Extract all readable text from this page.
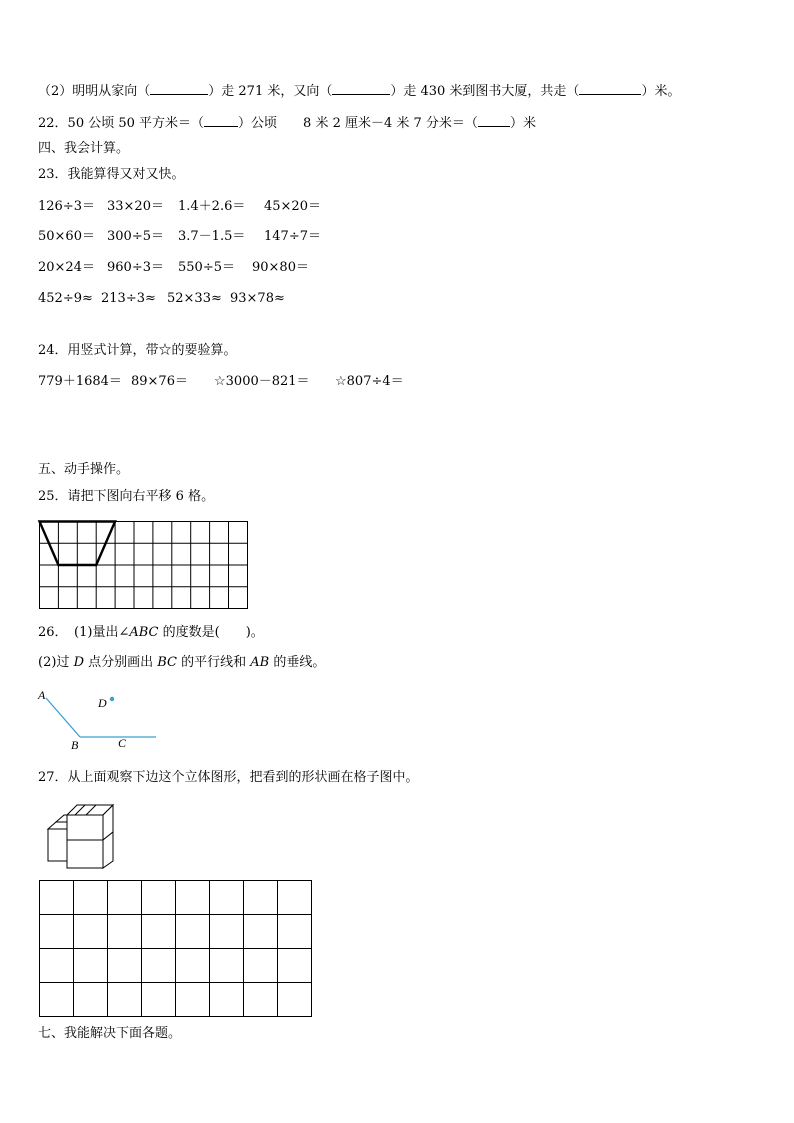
（2）明明从家向（	）走 271 米，又向（	）走 430 米到图书大厦，共走（	）米。
22．50 公顷 50 平方米＝（	）公顷 8 米 2 厘米－4 米 7 分米＝（ ）米
四、我会计算。
23．我能算得又对又快。
126÷3＝ 33×20＝ 1.4＋2.6＝ 45×20＝
50×60＝ 300÷5＝ 3.7－1.5＝ 147÷7＝
20×24＝ 960÷3＝ 550÷5＝ 90×80＝
452÷9≈ 213÷3≈ 52×33≈ 93×78≈
24．用竖式计算，带☆的要验算。
779＋1684＝ 89×76＝ ☆3000－821＝ ☆807÷4＝
五、动手操作。
25．请把下图向右平移 6 格。
26．　(1)量出∠ABC 的度数是(　　)。
(2)过 D 点分别画出 BC 的平行线和 AB 的垂线。
A
B	C
D
27．从上面观察下边这个立体图形，把看到的形状画在格子图中。
七、我能解决下面各题。
